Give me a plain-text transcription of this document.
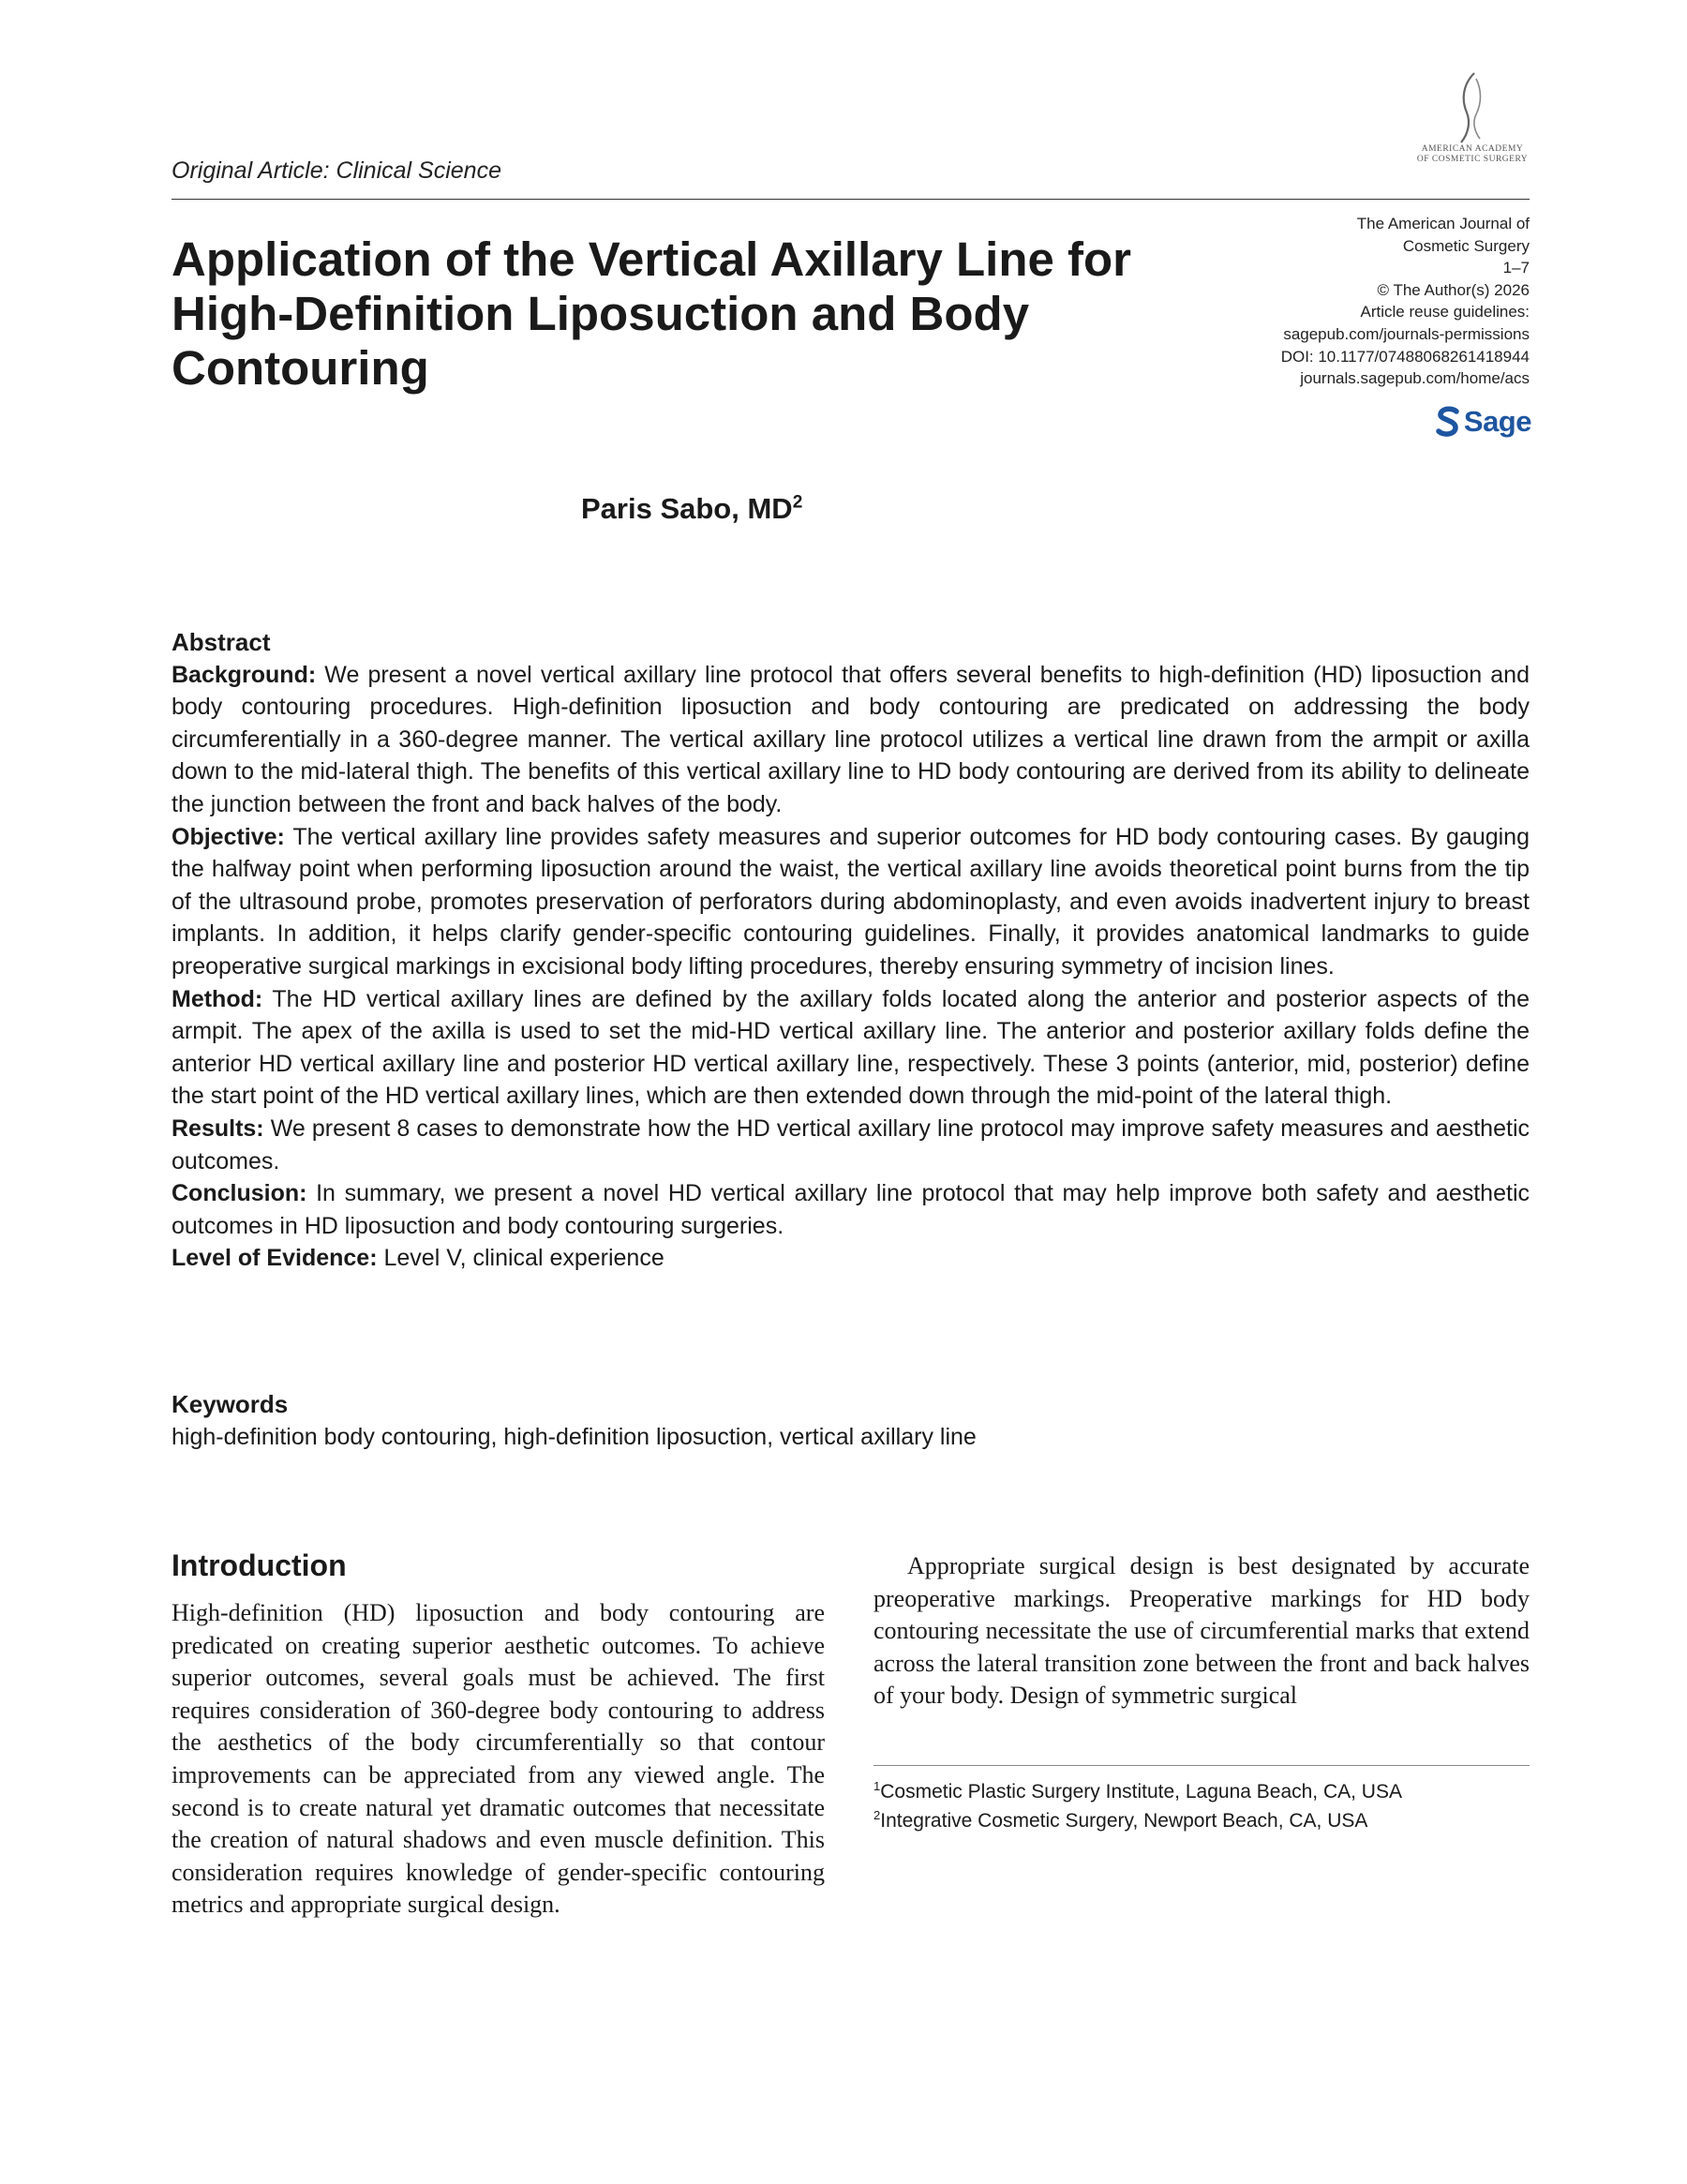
Original Article: Clinical Science
AMERICAN ACADEMY
OF COSMETIC SURGERY
Application of the Vertical Axillary Line for High-Definition Liposuction and Body Contouring
The American Journal of
Cosmetic Surgery
1–7
© The Author(s) 2026
Article reuse guidelines:
sagepub.com/journals-permissions
DOI: 10.1177/07488068261418944
journals.sagepub.com/home/acs
Sage
Paris Sabo, $MD^2$
Abstract

Background: We present a novel vertical axillary line protocol that offers several benefits to high-definition (HD) liposuction and body contouring procedures. High-definition liposuction and body contouring are predicated on addressing the body circumferentially in a 360-degree manner. The vertical axillary line protocol utilizes a vertical line drawn from the armpit or axilla down to the mid-lateral thigh. The benefits of this vertical axillary line to HD body contouring are derived from its ability to delineate the junction between the front and back halves of the body.

Objective: The vertical axillary line provides safety measures and superior outcomes for HD body contouring cases. By gauging the halfway point when performing liposuction around the waist, the vertical axillary line avoids theoretical point burns from the tip of the ultrasound probe, promotes preservation of perforators during abdominoplasty, and even avoids inadvertent injury to breast implants. In addition, it helps clarify gender-specific contouring guidelines. Finally, it provides anatomical landmarks to guide preoperative surgical markings in excisional body lifting procedures, thereby ensuring symmetry of incision lines.

Method: The HD vertical axillary lines are defined by the axillary folds located along the anterior and posterior aspects of the armpit. The apex of the axilla is used to set the mid-HD vertical axillary line. The anterior and posterior axillary folds define the anterior HD vertical axillary line and posterior HD vertical axillary line, respectively. These 3 points (anterior, mid, posterior) define the start point of the HD vertical axillary lines, which are then extended down through the mid-point of the lateral thigh.

Results: We present 8 cases to demonstrate how the HD vertical axillary line protocol may improve safety measures and aesthetic outcomes.

Conclusion: In summary, we present a novel HD vertical axillary line protocol that may help improve both safety and aesthetic outcomes in HD liposuction and body contouring surgeries.

Level of Evidence: Level V, clinical experience

Keywords
high-definition body contouring, high-definition liposuction, vertical axillary line
Introduction

High-definition (HD) liposuction and body contouring are predicated on creating superior aesthetic outcomes. To achieve superior outcomes, several goals must be achieved. The first requires consideration of 360-degree body contouring to address the aesthetics of the body circumferentially so that contour improvements can be appreciated from any viewed angle. The second is to create natural yet dramatic outcomes that necessitate the creation of natural shadows and even muscle definition. This consideration requires knowledge of gender-specific contouring metrics and appropriate surgical design.

Appropriate surgical design is best designated by accurate preoperative markings. Preoperative markings for HD body contouring necessitate the use of circumferential marks that extend across the lateral transition zone between the front and back halves of your body. Design of symmetric surgical

$^1$Cosmetic Plastic Surgery Institute, Laguna Beach, CA, USA
$^2$Integrative Cosmetic Surgery, Newport Beach, CA, USA
